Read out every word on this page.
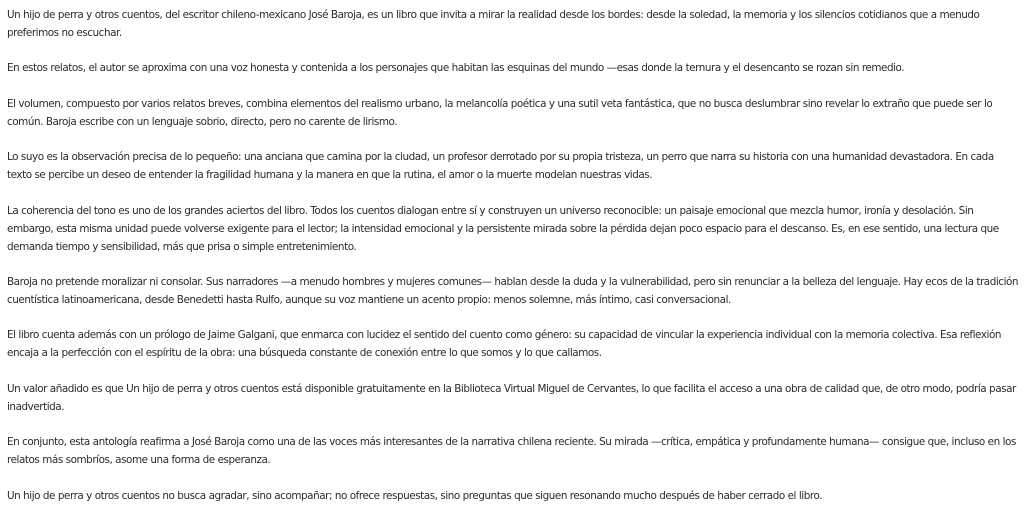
Un hijo de perra y otros cuentos, del escritor chileno-mexicano José Baroja, es un libro que invita a mirar la realidad desde los bordes: desde la soledad, la memoria y los silencios cotidianos que a menudo preferimos no escuchar.

En estos relatos, el autor se aproxima con una voz honesta y contenida a los personajes que habitan las esquinas del mundo —esas donde la ternura y el desencanto se rozan sin remedio.

El volumen, compuesto por varios relatos breves, combina elementos del realismo urbano, la melancolía poética y una sutil veta fantástica, que no busca deslumbrar sino revelar lo extraño que puede ser lo común. Baroja escribe con un lenguaje sobrio, directo, pero no carente de lirismo.

Lo suyo es la observación precisa de lo pequeño: una anciana que camina por la ciudad, un profesor derrotado por su propia tristeza, un perro que narra su historia con una humanidad devastadora. En cada texto se percibe un deseo de entender la fragilidad humana y la manera en que la rutina, el amor o la muerte modelan nuestras vidas.

La coherencia del tono es uno de los grandes aciertos del libro. Todos los cuentos dialogan entre sí y construyen un universo reconocible: un paisaje emocional que mezcla humor, ironía y desolación. Sin embargo, esta misma unidad puede volverse exigente para el lector; la intensidad emocional y la persistente mirada sobre la pérdida dejan poco espacio para el descanso. Es, en ese sentido, una lectura que demanda tiempo y sensibilidad, más que prisa o simple entretenimiento.

Baroja no pretende moralizar ni consolar. Sus narradores —a menudo hombres y mujeres comunes— hablan desde la duda y la vulnerabilidad, pero sin renunciar a la belleza del lenguaje. Hay ecos de la tradición cuentística latinoamericana, desde Benedetti hasta Rulfo, aunque su voz mantiene un acento propio: menos solemne, más íntimo, casi conversacional.

El libro cuenta además con un prólogo de Jaime Galgani, que enmarca con lucidez el sentido del cuento como género: su capacidad de vincular la experiencia individual con la memoria colectiva. Esa reflexión encaja a la perfección con el espíritu de la obra: una búsqueda constante de conexión entre lo que somos y lo que callamos.

Un valor añadido es que Un hijo de perra y otros cuentos está disponible gratuitamente en la Biblioteca Virtual Miguel de Cervantes, lo que facilita el acceso a una obra de calidad que, de otro modo, podría pasar inadvertida.

En conjunto, esta antología reafirma a José Baroja como una de las voces más interesantes de la narrativa chilena reciente. Su mirada —crítica, empática y profundamente humana— consigue que, incluso en los relatos más sombríos, asome una forma de esperanza.

Un hijo de perra y otros cuentos no busca agradar, sino acompañar; no ofrece respuestas, sino preguntas que siguen resonando mucho después de haber cerrado el libro.
